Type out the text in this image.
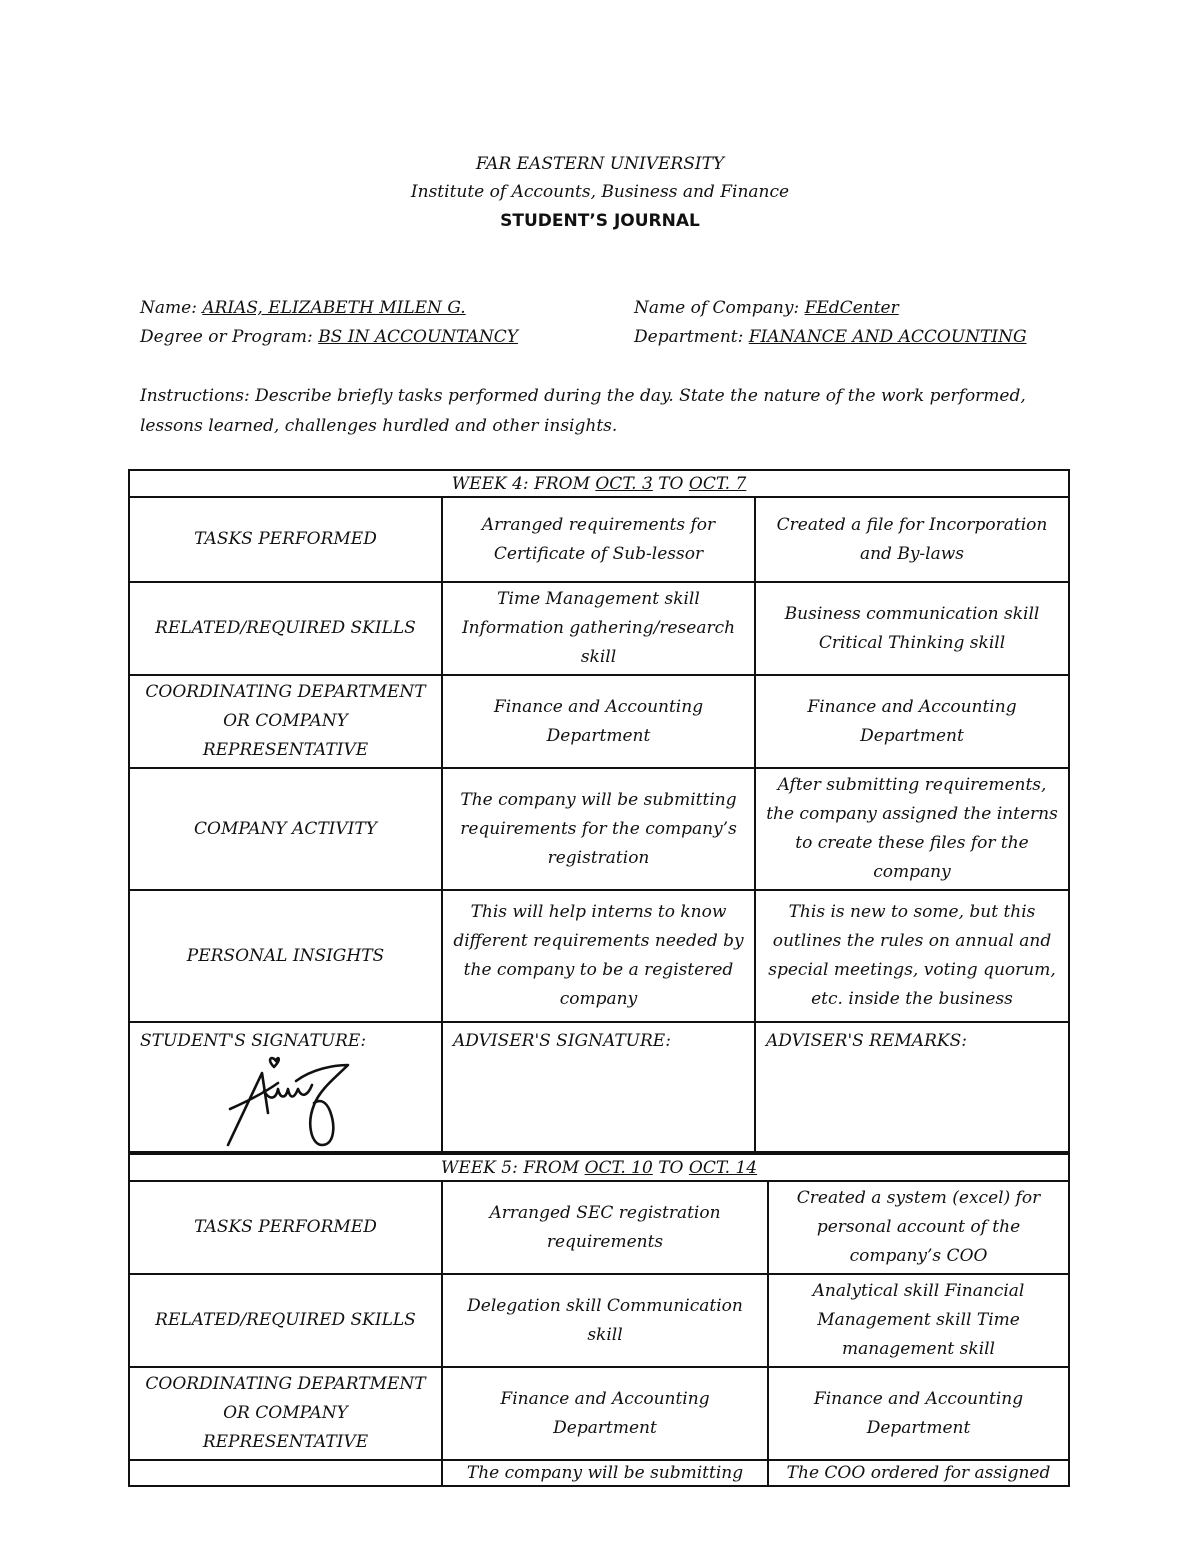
FAR EASTERN UNIVERSITY
Institute of Accounts, Business and Finance
STUDENT’S JOURNAL
Name: ARIAS, ELIZABETH MILEN G.
Degree or Program: BS IN ACCOUNTANCY
Name of Company: FEdCenter
Department: FIANANCE AND ACCOUNTING
Instructions: Describe briefly tasks performed during the day. State the nature of the work performed, lessons learned, challenges hurdled and other insights.
WEEK 4: FROM OCT. 3 TO OCT. 7		
TASKS PERFORMED	Arranged requirements for Certificate of Sub-lessor	Created a file for Incorporation and By-laws
RELATED/REQUIRED SKILLS	Time Management skill Information gathering/research skill	Business communication skill Critical Thinking skill
COORDINATING DEPARTMENT OR COMPANY REPRESENTATIVE	Finance and Accounting Department	Finance and Accounting Department
COMPANY ACTIVITY	The company will be submitting requirements for the company’s registration	After submitting requirements, the company assigned the interns to create these files for the company
PERSONAL INSIGHTS	This will help interns to know different requirements needed by the company to be a registered company	This is new to some, but this outlines the rules on annual and special meetings, voting quorum, etc. inside the business

STUDENT'S SIGNATURE:	ADVISER'S SIGNATURE:	ADVISER'S REMARKS:
WEEK 5: FROM OCT. 10 TO OCT. 14		
TASKS PERFORMED	Arranged SEC registration requirements	Created a system (excel) for personal account of the company’s COO
RELATED/REQUIRED SKILLS	Delegation skill Communication skill	Analytical skill Financial Management skill Time management skill
COORDINATING DEPARTMENT OR COMPANY REPRESENTATIVE	Finance and Accounting Department	Finance and Accounting Department
	The company will be submitting	The COO ordered for assigned
